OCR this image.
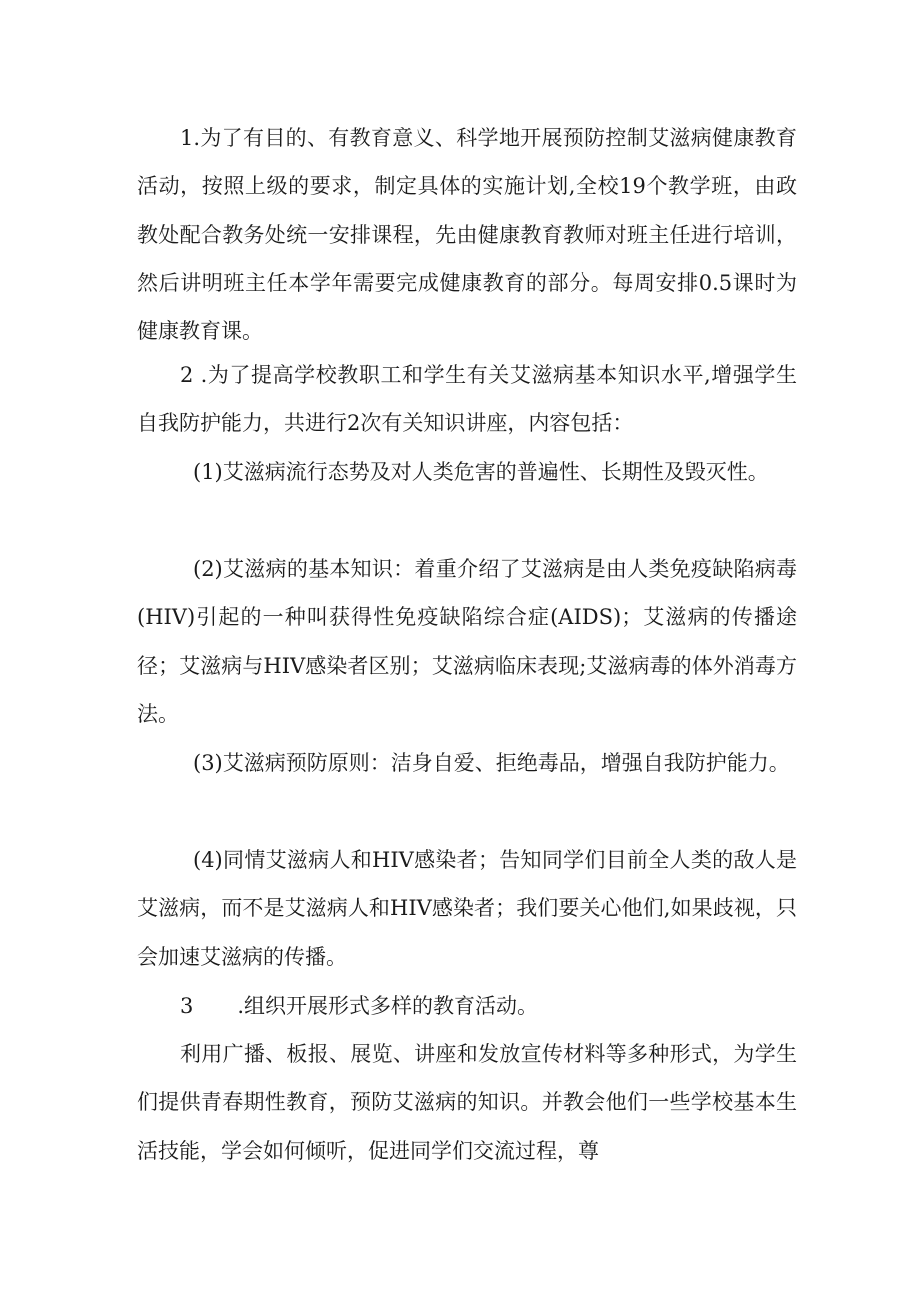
1.为了有目的、有教育意义、科学地开展预防控制艾滋病健康教育活动，按照上级的要求，制定具体的实施计划,全校19个教学班，由政教处配合教务处统一安排课程，先由健康教育教师对班主任进行培训，然后讲明班主任本学年需要完成健康教育的部分。每周安排0.5课时为健康教育课。

2 .为了提高学校教职工和学生有关艾滋病基本知识水平,增强学生自我防护能力，共进行2次有关知识讲座，内容包括：

(1)艾滋病流行态势及对人类危害的普遍性、长期性及毁灭性。

(2)艾滋病的基本知识：着重介绍了艾滋病是由人类免疫缺陷病毒(HIV)引起的一种叫获得性免疫缺陷综合症(AIDS)；艾滋病的传播途径；艾滋病与HIV感染者区别；艾滋病临床表现;艾滋病毒的体外消毒方法。

(3)艾滋病预防原则：洁身自爱、拒绝毒品，增强自我防护能力。

(4)同情艾滋病人和HIV感染者；告知同学们目前全人类的敌人是艾滋病，而不是艾滋病人和HIV感染者；我们要关心他们,如果歧视，只会加速艾滋病的传播。

3 .组织开展形式多样的教育活动。

利用广播、板报、展览、讲座和发放宣传材料等多种形式，为学生们提供青春期性教育，预防艾滋病的知识。并教会他们一些学校基本生活技能，学会如何倾听，促进同学们交流过程，尊
